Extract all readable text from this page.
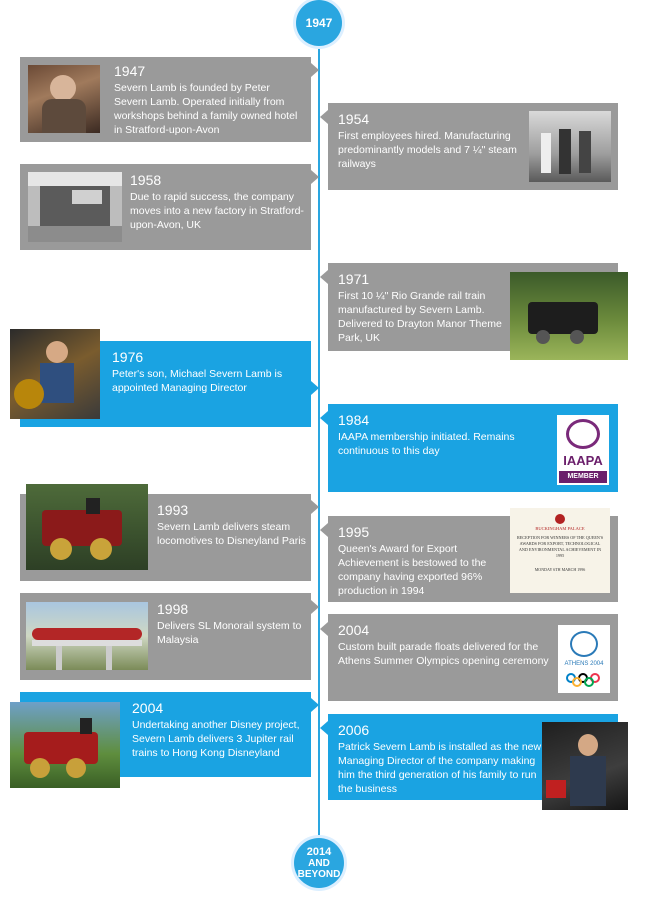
1947
2014
AND
BEYOND
1947
Severn Lamb is founded by Peter Severn Lamb. Operated initially from workshops behind a family owned hotel in Stratford-upon-Avon
1954
First employees hired. Manufacturing predominantly models and 7 ¼" steam railways
1958
Due to rapid success, the company moves into a new factory in Stratford-upon-Avon, UK
1971
First 10 ¼" Rio Grande rail train manufactured by Severn Lamb. Delivered to Drayton Manor Theme Park, UK
1976
Peter's son, Michael Severn Lamb is appointed Managing Director
1984
IAAPA membership initiated. Remains continuous to this day
IAAPA
MEMBER
1993
Severn Lamb delivers steam locomotives to Disneyland Paris
1995
Queen's Award for Export Achievement is bestowed to the company having exported 96% production in 1994
BUCKINGHAM PALACE
RECEPTION FOR WINNERS OF THE QUEEN'S AWARDS FOR EXPORT, TECHNOLOGICAL AND ENVIRONMENTAL ACHIEVEMENT IN 1995
MONDAY 6TH MARCH 1996
1998
Delivers SL Monorail system to Malaysia
2004
Custom built parade floats delivered for the Athens Summer Olympics opening ceremony	ATHENS 2004
2004
Undertaking another Disney project, Severn Lamb delivers 3 Jupiter rail trains to Hong Kong Disneyland
2006
Patrick Severn Lamb is installed as the new Managing Director of the company making him the third generation of his family to run the business
